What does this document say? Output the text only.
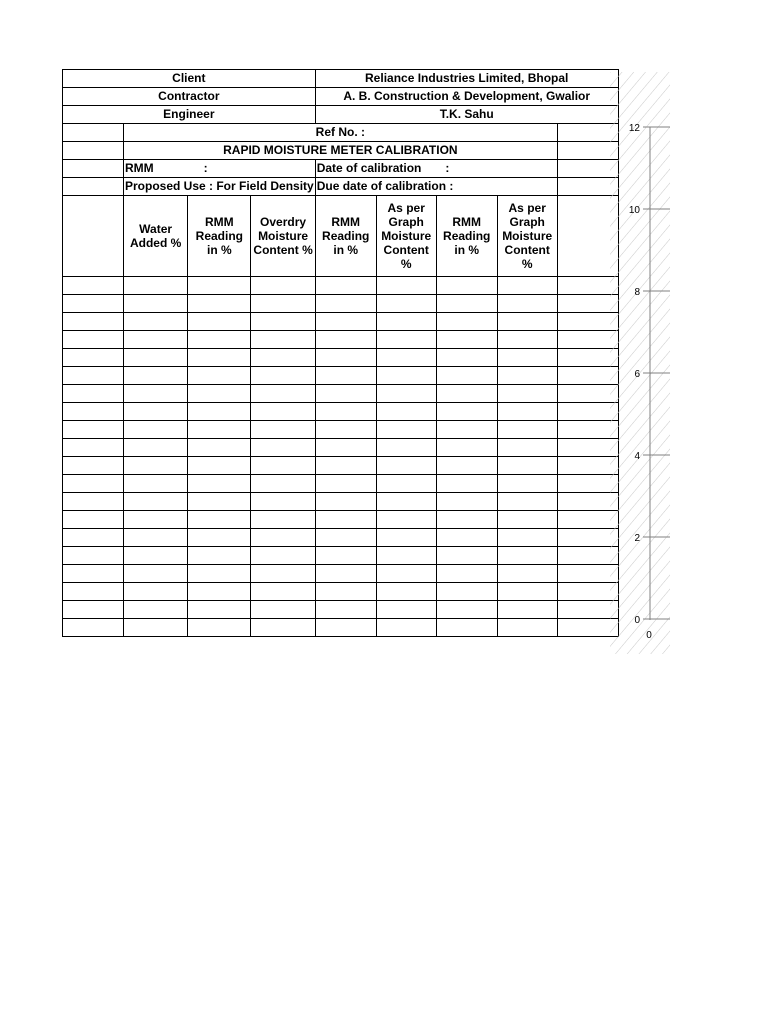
Client				Reliance Industries Limited, Bhopal				
Contractor				A. B. Construction & Development, Gwalior				
Engineer				T.K. Sahu				
	Ref No. :							
	RAPID MOISTURE METER CALIBRATION							
	RMM :			Date of calibration :				
	Proposed Use : For Field Density			Due date of calibration :				
	Water Added %	RMM Reading in %	Overdry Moisture Content %	RMM Reading in %	As per Graph Moisture Content %	RMM Reading in %	As per Graph Moisture Content %	

0
2
4
6
8
10
12
0
